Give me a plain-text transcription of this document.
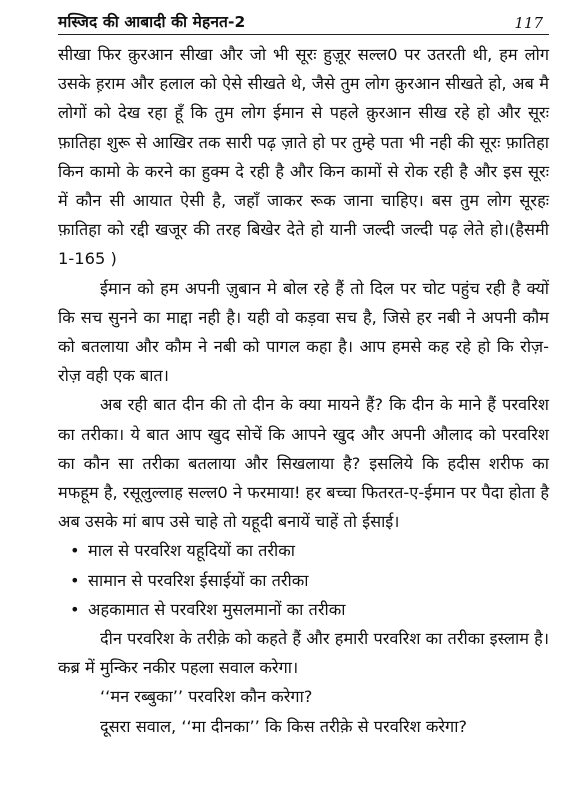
मस्जिद की आबादी की मेहनत-2	117

सीखा फिर क़ुरआन सीखा और जो भी सूरः हुज़ूर सल्ल0 पर उतरती थी, हम लोग उसके ह़राम और हलाल को ऐसे सीखते थे, जैसे तुम लोग क़ुरआन सीखते हो, अब मै लोगों को देख रहा हूँ कि तुम लोग ईमान से पहले क़ुरआन सीख रहे हो और सूरः फ़ातिहा शुरू से आखिर तक सारी पढ़ ज़ाते हो पर तुम्हे पता भी नही की सूरः फ़ातिहा किन कामो के करने का हुक्म दे रही है और किन कामों से रोक रही है और इस सूरः में कौन सी आयात ऐसी है, जहाँ जाकर रूक जाना चाहिए। बस तुम लोग सूरहः फ़ातिहा को रद्दी खजूर की तरह बिखेर देते हो यानी जल्दी जल्दी पढ़ लेते हो।(हैसमी 1-165 )

ईमान को हम अपनी ज़ुबान मे बोल रहे हैं तो दिल पर चोट पहुंच रही है क्यों कि सच सुनने का माद्दा नही है। यही वो कड़वा सच है, जिसे हर नबी ने अपनी कौम को बतलाया और कौम ने नबी को पागल कहा है। आप हमसे कह रहे हो कि रोज़-रोज़ वही एक बात।

अब रही बात दीन की तो दीन के क्या मायने हैं? कि दीन के माने हैं परवरिश का तरीका। ये बात आप खुद सोचें कि आपने खुद और अपनी औलाद को परवरिश का कौन सा तरीका बतलाया और सिखलाया है? इसलिये कि हदीस शरीफ का मफहूम है, रसूलुल्लाह सल्ल0 ने फरमाया! हर बच्चा फितरत-ए-ईमान पर पैदा होता है अब उसके मां बाप उसे चाहे तो यहूदी बनायें चाहें तो ईसाई।

• माल से परवरिश यहूदियों का तरीका
• सामान से परवरिश ईसाईयों का तरीका
• अहकामात से परवरिश मुसलमानों का तरीका

दीन परवरिश के तरीक़े को कहते हैं और हमारी परवरिश का तरीका इस्लाम है। कब्र में मुन्किर नकीर पहला सवाल करेगा।

‘‘मन रब्बुका’’ परवरिश कौन करेगा?

दूसरा सवाल, ‘‘मा दीनका’’ कि किस तरीक़े से परवरिश करेगा?
